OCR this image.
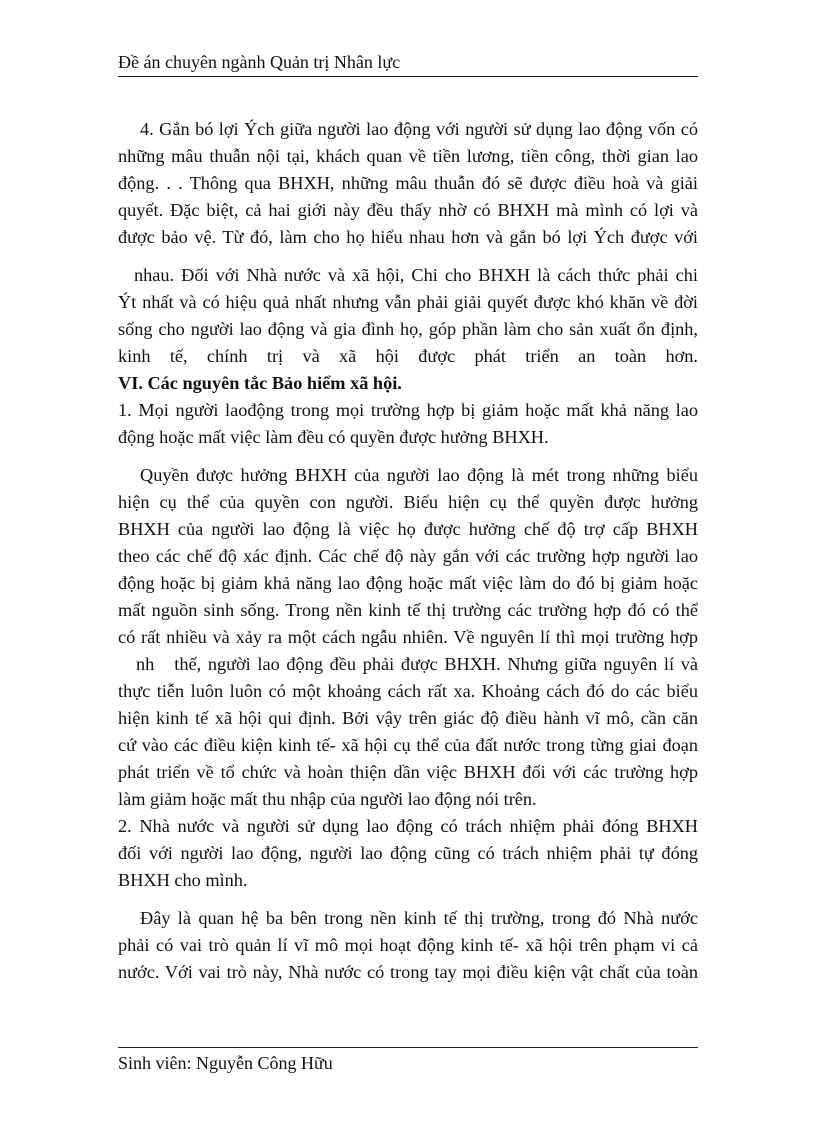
Đề án chuyên ngành Quản trị Nhân lực
4. Gắn bó lợi Ých giữa người lao động với người sử dụng lao động vốn có
những mâu thuẫn nội tại, khách quan về tiền lương, tiền công, thời gian lao
động. . . Thông qua BHXH, những mâu thuẫn đó sẽ được điều hoà và giải
quyết. Đặc biệt, cả hai giới này đều thấy nhờ có BHXH mà mình có lợi và
được bảo vệ. Từ đó, làm cho họ hiểu nhau hơn và gắn bó lợi Ých được với
nhau. Đối với Nhà nước và xã hội, Chi cho BHXH là cách thức phải chi
Ýt nhất và có hiệu quả nhất nhưng vẫn phải giải quyết được khó khăn về đời
sống cho người lao động và gia đình họ, góp phần làm cho sản xuất ổn định,
kinh tế, chính trị và xã hội được phát triển an toàn hơn.
VI. Các nguyên tắc Bảo hiểm xã hội.
1. Mọi người laođộng trong mọi trường hợp bị giảm hoặc mất khả năng lao
động hoặc mất việc làm đều có quyền được hưởng BHXH.
Quyền được hưởng BHXH của người lao động là mét trong những biểu
hiện cụ thể của quyền con người. Biểu hiện cụ thể quyền được hưởng
BHXH của người lao động là việc họ được hưởng chế độ trợ cấp BHXH
theo các chế độ xác định. Các chế độ này gắn với các trường hợp người lao
động hoặc bị giảm khả năng lao động hoặc mất việc làm do đó bị giảm hoặc
mất nguồn sinh sống. Trong nền kinh tế thị trường các trường hợp đó có thể
có rất nhiều và xảy ra một cách ngẫu nhiên. Về nguyên lí thì mọi trường hợp
nh   thế, người lao động đều phải được BHXH. Nhưng giữa nguyên lí và
thực tiễn luôn luôn có một khoảng cách rất xa. Khoảng cách đó do các biểu
hiện kinh tế xã hội qui định. Bởi vậy trên giác độ điều hành vĩ mô, cần căn
cứ vào các điều kiện kinh tế- xã hội cụ thể của đất nước trong từng giai đoạn
phát triển về tổ chức và hoàn thiện dần việc BHXH đối với các trường hợp
làm giảm hoặc mất thu nhập của người lao động nói trên.
2. Nhà nước và người sử dụng lao động có trách nhiệm phải đóng BHXH
đối với người lao động, người lao động cũng có trách nhiệm phải tự đóng
BHXH cho mình.
Đây là quan hệ ba bên trong nền kinh tế thị trường, trong đó Nhà nước
phải có vai trò quản lí vĩ mô mọi hoạt động kinh tế- xã hội trên phạm vi cả
nước. Với vai trò này, Nhà nước có trong tay mọi điều kiện vật chất của toàn
Sinh viên: Nguyễn Công Hữu
